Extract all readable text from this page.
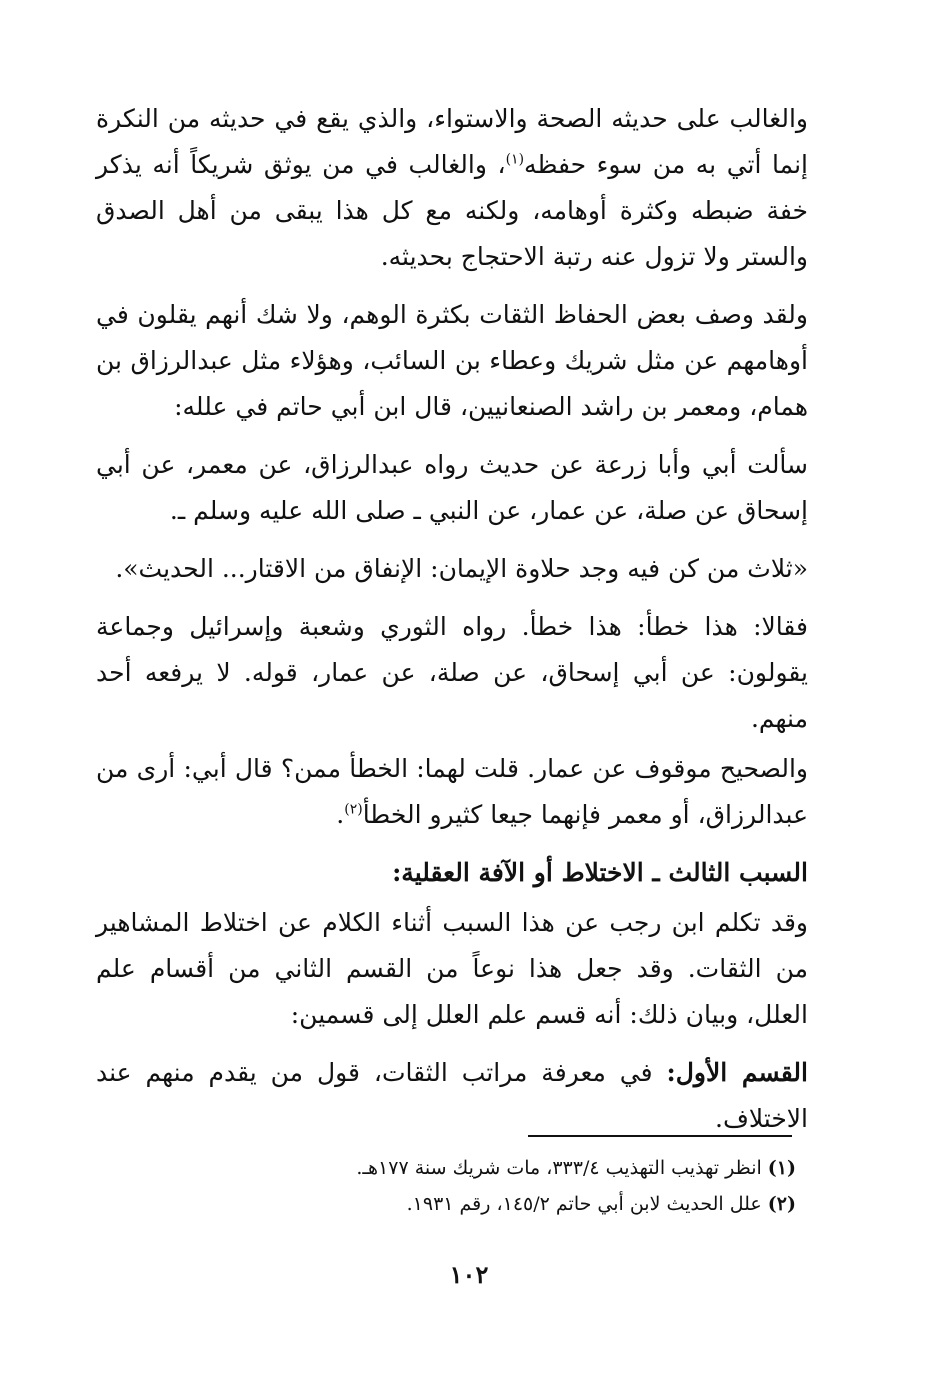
والغالب على حديثه الصحة والاستواء، والذي يقع في حديثه من النكرة إنما أتي به من سوء حفظه$^{(١)}$، والغالب في من يوثق شريكاً أنه يذكر خفة ضبطه وكثرة أوهامه، ولكنه مع كل هذا يبقى من أهل الصدق والستر ولا تزول عنه رتبة الاحتجاج بحديثه.

ولقد وصف بعض الحفاظ الثقات بكثرة الوهم، ولا شك أنهم يقلون في أوهامهم عن مثل شريك وعطاء بن السائب، وهؤلاء مثل عبدالرزاق بن همام، ومعمر بن راشد الصنعانيين، قال ابن أبي حاتم في علله:

سألت أبي وأبا زرعة عن حديث رواه عبدالرزاق، عن معمر، عن أبي إسحاق عن صلة، عن عمار، عن النبي ـ صلى الله عليه وسلم ـ.

«ثلاث من كن فيه وجد حلاوة الإيمان: الإنفاق من الاقتار... الحديث».

فقالا: هذا خطأ: هذا خطأ. رواه الثوري وشعبة وإسرائيل وجماعة يقولون: عن أبي إسحاق، عن صلة، عن عمار، قوله. لا يرفعه أحد منهم.

والصحيح موقوف عن عمار. قلت لهما: الخطأ ممن؟ قال أبي: أرى من عبدالرزاق، أو معمر فإنهما جيعا كثيرو الخطأ$^{(٢)}$.

السبب الثالث ـ الاختلاط أو الآفة العقلية:

وقد تكلم ابن رجب عن هذا السبب أثناء الكلام عن اختلاط المشاهير من الثقات. وقد جعل هذا نوعاً من القسم الثاني من أقسام علم العلل، وبيان ذلك: أنه قسم علم العلل إلى قسمين:

القسم الأول: في معرفة مراتب الثقات، قول من يقدم منهم عند الاختلاف.

(١)انظر تهذيب التهذيب ٣٣٣/٤، مات شريك سنة ١٧٧هـ.

(٢)علل الحديث لابن أبي حاتم ١٤٥/٢، رقم ١٩٣١.

١٠٢
